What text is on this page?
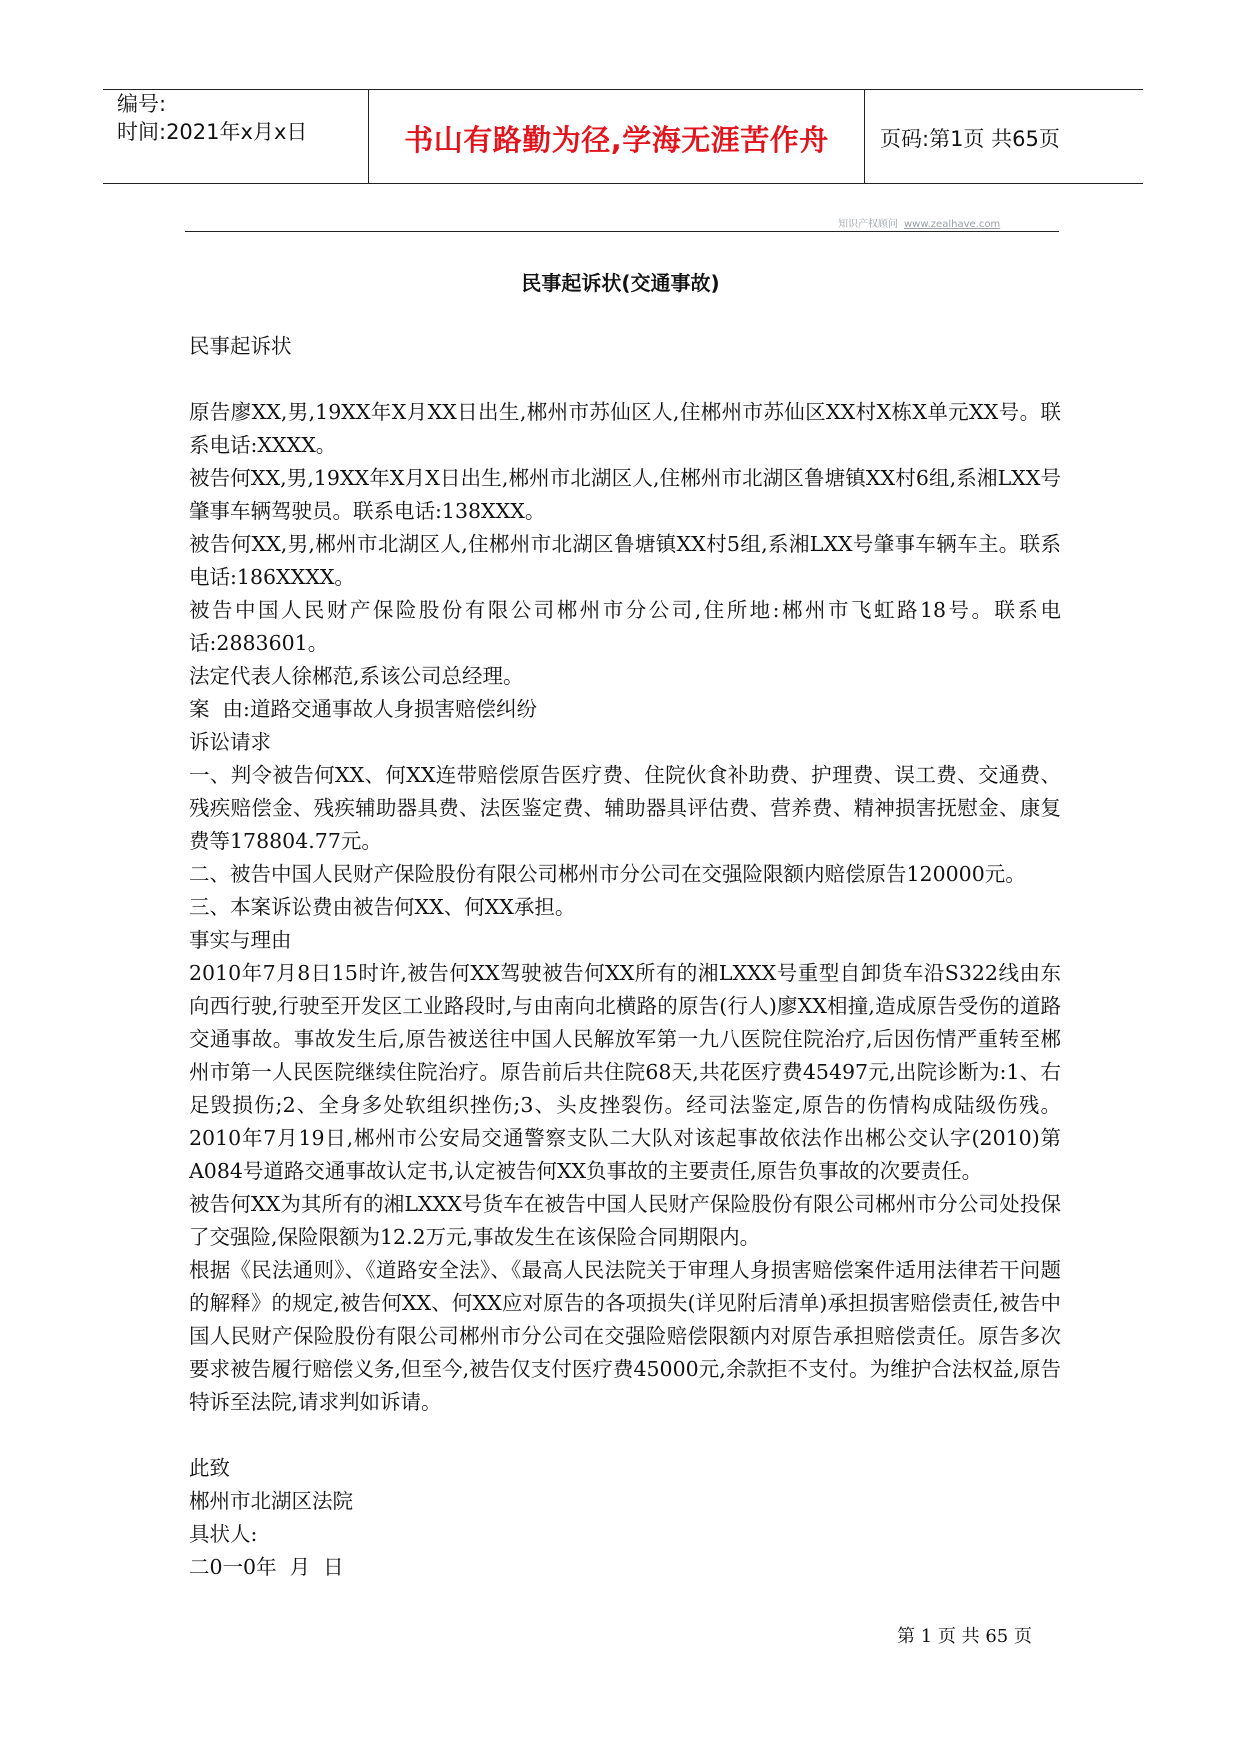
编号:
时间:2021年x月x日	书山有路勤为径,学海无涯苦作舟	页码:第1页 共65页
知识产权顾问 www.zealhave.com
民事起诉状(交通事故)

民事起诉状

原告廖XX,男,19XX年X月XX日出生,郴州市苏仙区人,住郴州市苏仙区XX村X栋X单元XX号。联系电话:XXXX。

被告何XX,男,19XX年X月X日出生,郴州市北湖区人,住郴州市北湖区鲁塘镇XX村6组,系湘LXX号肇事车辆驾驶员。联系电话:138XXX。

被告何XX,男,郴州市北湖区人,住郴州市北湖区鲁塘镇XX村5组,系湘LXX号肇事车辆车主。联系电话:186XXXX。

被告中国人民财产保险股份有限公司郴州市分公司,住所地:郴州市飞虹路18号。联系电话:2883601。

法定代表人徐郴范,系该公司总经理。

案  由:道路交通事故人身损害赔偿纠纷

诉讼请求

一、判令被告何XX、何XX连带赔偿原告医疗费、住院伙食补助费、护理费、误工费、交通费、残疾赔偿金、残疾辅助器具费、法医鉴定费、辅助器具评估费、营养费、精神损害抚慰金、康复费等178804.77元。

二、被告中国人民财产保险股份有限公司郴州市分公司在交强险限额内赔偿原告120000元。

三、本案诉讼费由被告何XX、何XX承担。

事实与理由

2010年7月8日15时许,被告何XX驾驶被告何XX所有的湘LXXX号重型自卸货车沿S322线由东向西行驶,行驶至开发区工业路段时,与由南向北横路的原告(行人)廖XX相撞,造成原告受伤的道路交通事故。事故发生后,原告被送往中国人民解放军第一九八医院住院治疗,后因伤情严重转至郴州市第一人民医院继续住院治疗。原告前后共住院68天,共花医疗费45497元,出院诊断为:1、右足毁损伤;2、全身多处软组织挫伤;3、头皮挫裂伤。经司法鉴定,原告的伤情构成陆级伤残。2010年7月19日,郴州市公安局交通警察支队二大队对该起事故依法作出郴公交认字(2010)第A084号道路交通事故认定书,认定被告何XX负事故的主要责任,原告负事故的次要责任。

被告何XX为其所有的湘LXXX号货车在被告中国人民财产保险股份有限公司郴州市分公司处投保了交强险,保险限额为12.2万元,事故发生在该保险合同期限内。

根据《民法通则》、《道路安全法》、《最高人民法院关于审理人身损害赔偿案件适用法律若干问题的解释》的规定,被告何XX、何XX应对原告的各项损失(详见附后清单)承担损害赔偿责任,被告中国人民财产保险股份有限公司郴州市分公司在交强险赔偿限额内对原告承担赔偿责任。原告多次要求被告履行赔偿义务,但至今,被告仅支付医疗费45000元,余款拒不支付。为维护合法权益,原告特诉至法院,请求判如诉请。

此致

郴州市北湖区法院

具状人:

二0一0年  月  日

第 1 页 共 65 页
